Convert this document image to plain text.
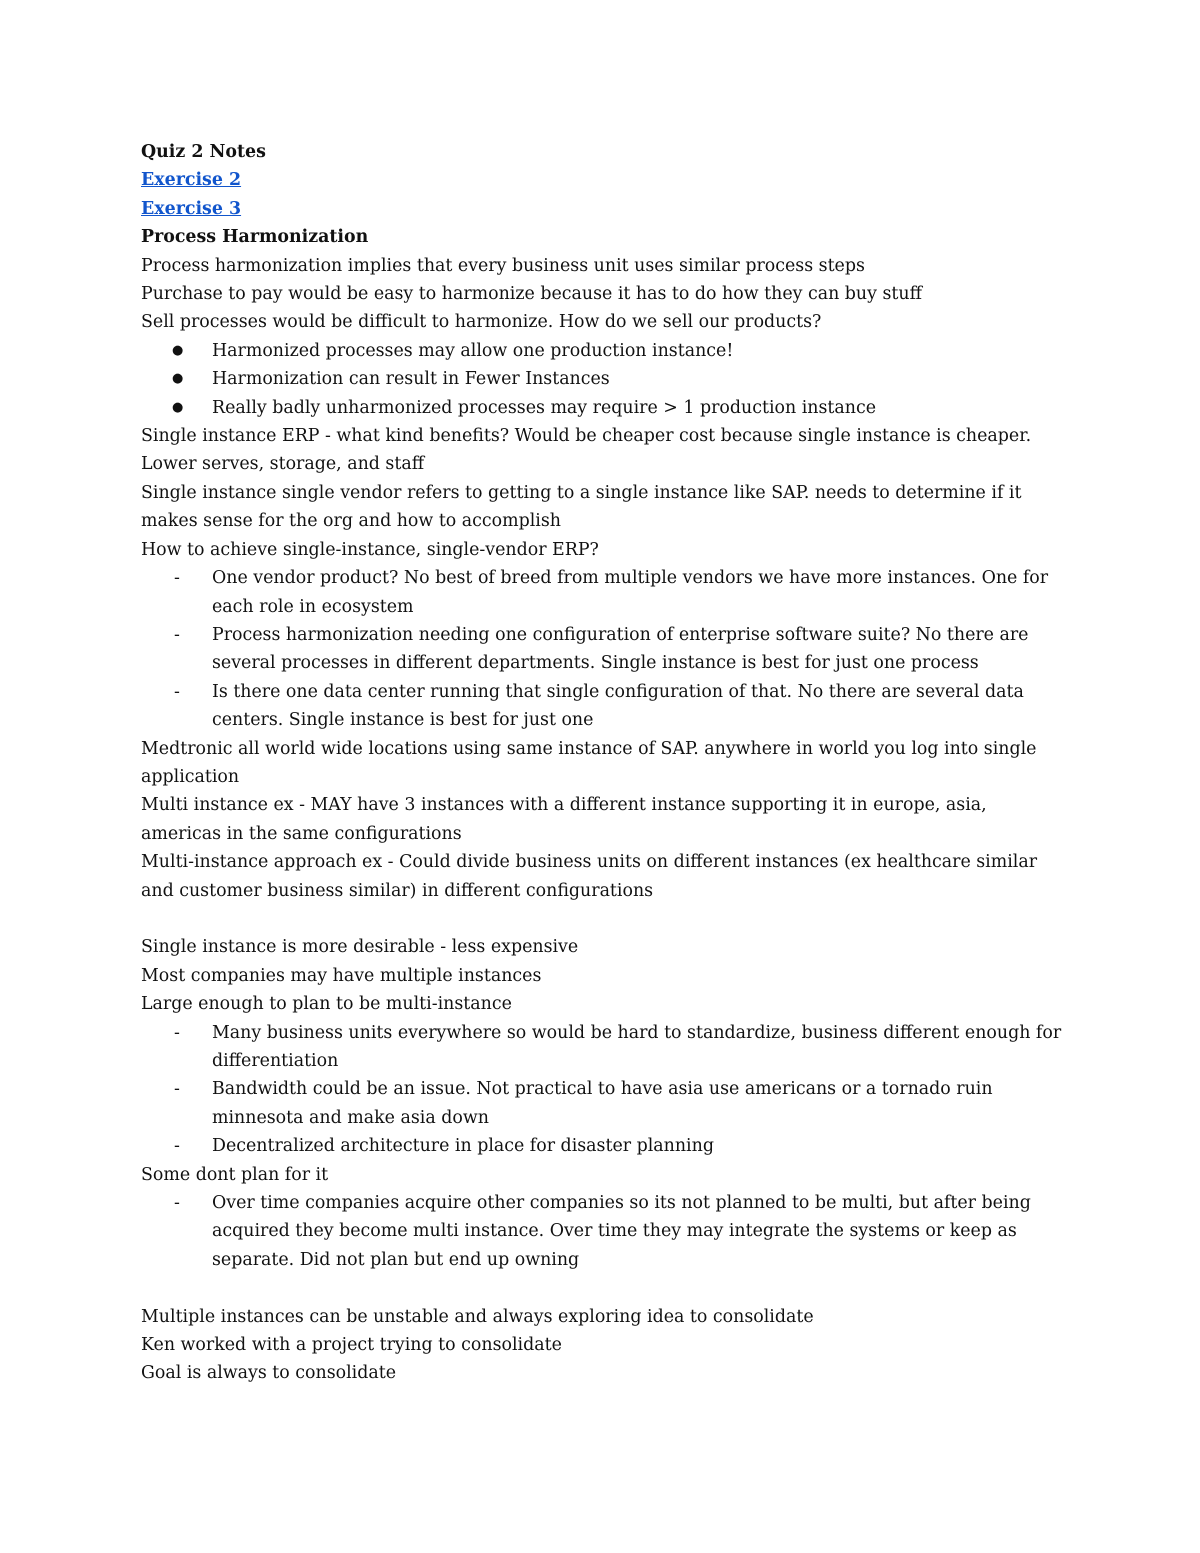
Quiz 2 Notes

Exercise 2
Exercise 3

Process Harmonization

Process harmonization implies that every business unit uses similar process steps

Purchase to pay would be easy to harmonize because it has to do how they can buy stuff

Sell processes would be difficult to harmonize. How do we sell our products?

● Harmonized processes may allow one production instance!
● Harmonization can result in Fewer Instances
● Really badly unharmonized processes may require > 1 production instance

Single instance ERP - what kind benefits? Would be cheaper cost because single instance is cheaper. Lower serves, storage, and staff

Single instance single vendor refers to getting to a single instance like SAP. needs to determine if it makes sense for the org and how to accomplish

How to achieve single-instance, single-vendor ERP?

- One vendor product? No best of breed from multiple vendors we have more instances. One for each role in ecosystem
- Process harmonization needing one configuration of enterprise software suite? No there are several processes in different departments. Single instance is best for just one process
- Is there one data center running that single configuration of that. No there are several data centers. Single instance is best for just one

Medtronic all world wide locations using same instance of SAP. anywhere in world you log into single application

Multi instance ex - MAY have 3 instances with a different instance supporting it in europe, asia, americas in the same configurations

Multi-instance approach ex - Could divide business units on different instances (ex healthcare similar and customer business similar) in different configurations

Single instance is more desirable - less expensive

Most companies may have multiple instances

Large enough to plan to be multi-instance

- Many business units everywhere so would be hard to standardize, business different enough for differentiation
- Bandwidth could be an issue. Not practical to have asia use americans or a tornado ruin minnesota and make asia down
- Decentralized architecture in place for disaster planning

Some dont plan for it

- Over time companies acquire other companies so its not planned to be multi, but after being acquired they become multi instance. Over time they may integrate the systems or keep as separate. Did not plan but end up owning

Multiple instances can be unstable and always exploring idea to consolidate

Ken worked with a project trying to consolidate

Goal is always to consolidate
